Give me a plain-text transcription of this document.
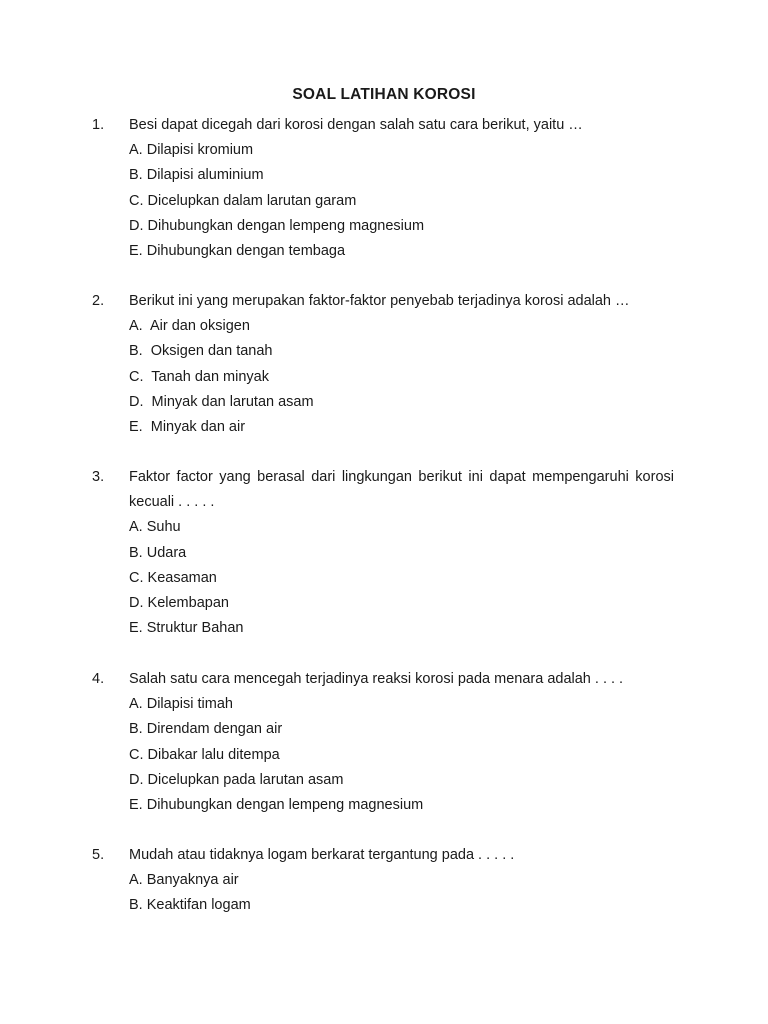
SOAL LATIHAN KOROSI
1. Besi dapat dicegah dari korosi dengan salah satu cara berikut, yaitu …
A. Dilapisi kromium
B. Dilapisi aluminium
C. Dicelupkan dalam larutan garam
D. Dihubungkan dengan lempeng magnesium
E. Dihubungkan dengan tembaga
2. Berikut ini yang merupakan faktor-faktor penyebab terjadinya korosi adalah …
A.  Air dan oksigen
B.  Oksigen dan tanah
C.  Tanah dan minyak
D.  Minyak dan larutan asam
E.  Minyak dan air
3. Faktor factor yang berasal dari lingkungan berikut ini dapat mempengaruhi korosi kecuali . . . . .
A. Suhu
B. Udara
C. Keasaman
D. Kelembapan
E. Struktur Bahan
4. Salah satu cara mencegah terjadinya reaksi korosi pada menara adalah . . . .
A. Dilapisi timah
B. Direndam dengan air
C. Dibakar lalu ditempa
D. Dicelupkan pada larutan asam
E. Dihubungkan dengan lempeng magnesium
5. Mudah atau tidaknya logam berkarat tergantung pada . . . . .
A. Banyaknya air
B. Keaktifan logam
